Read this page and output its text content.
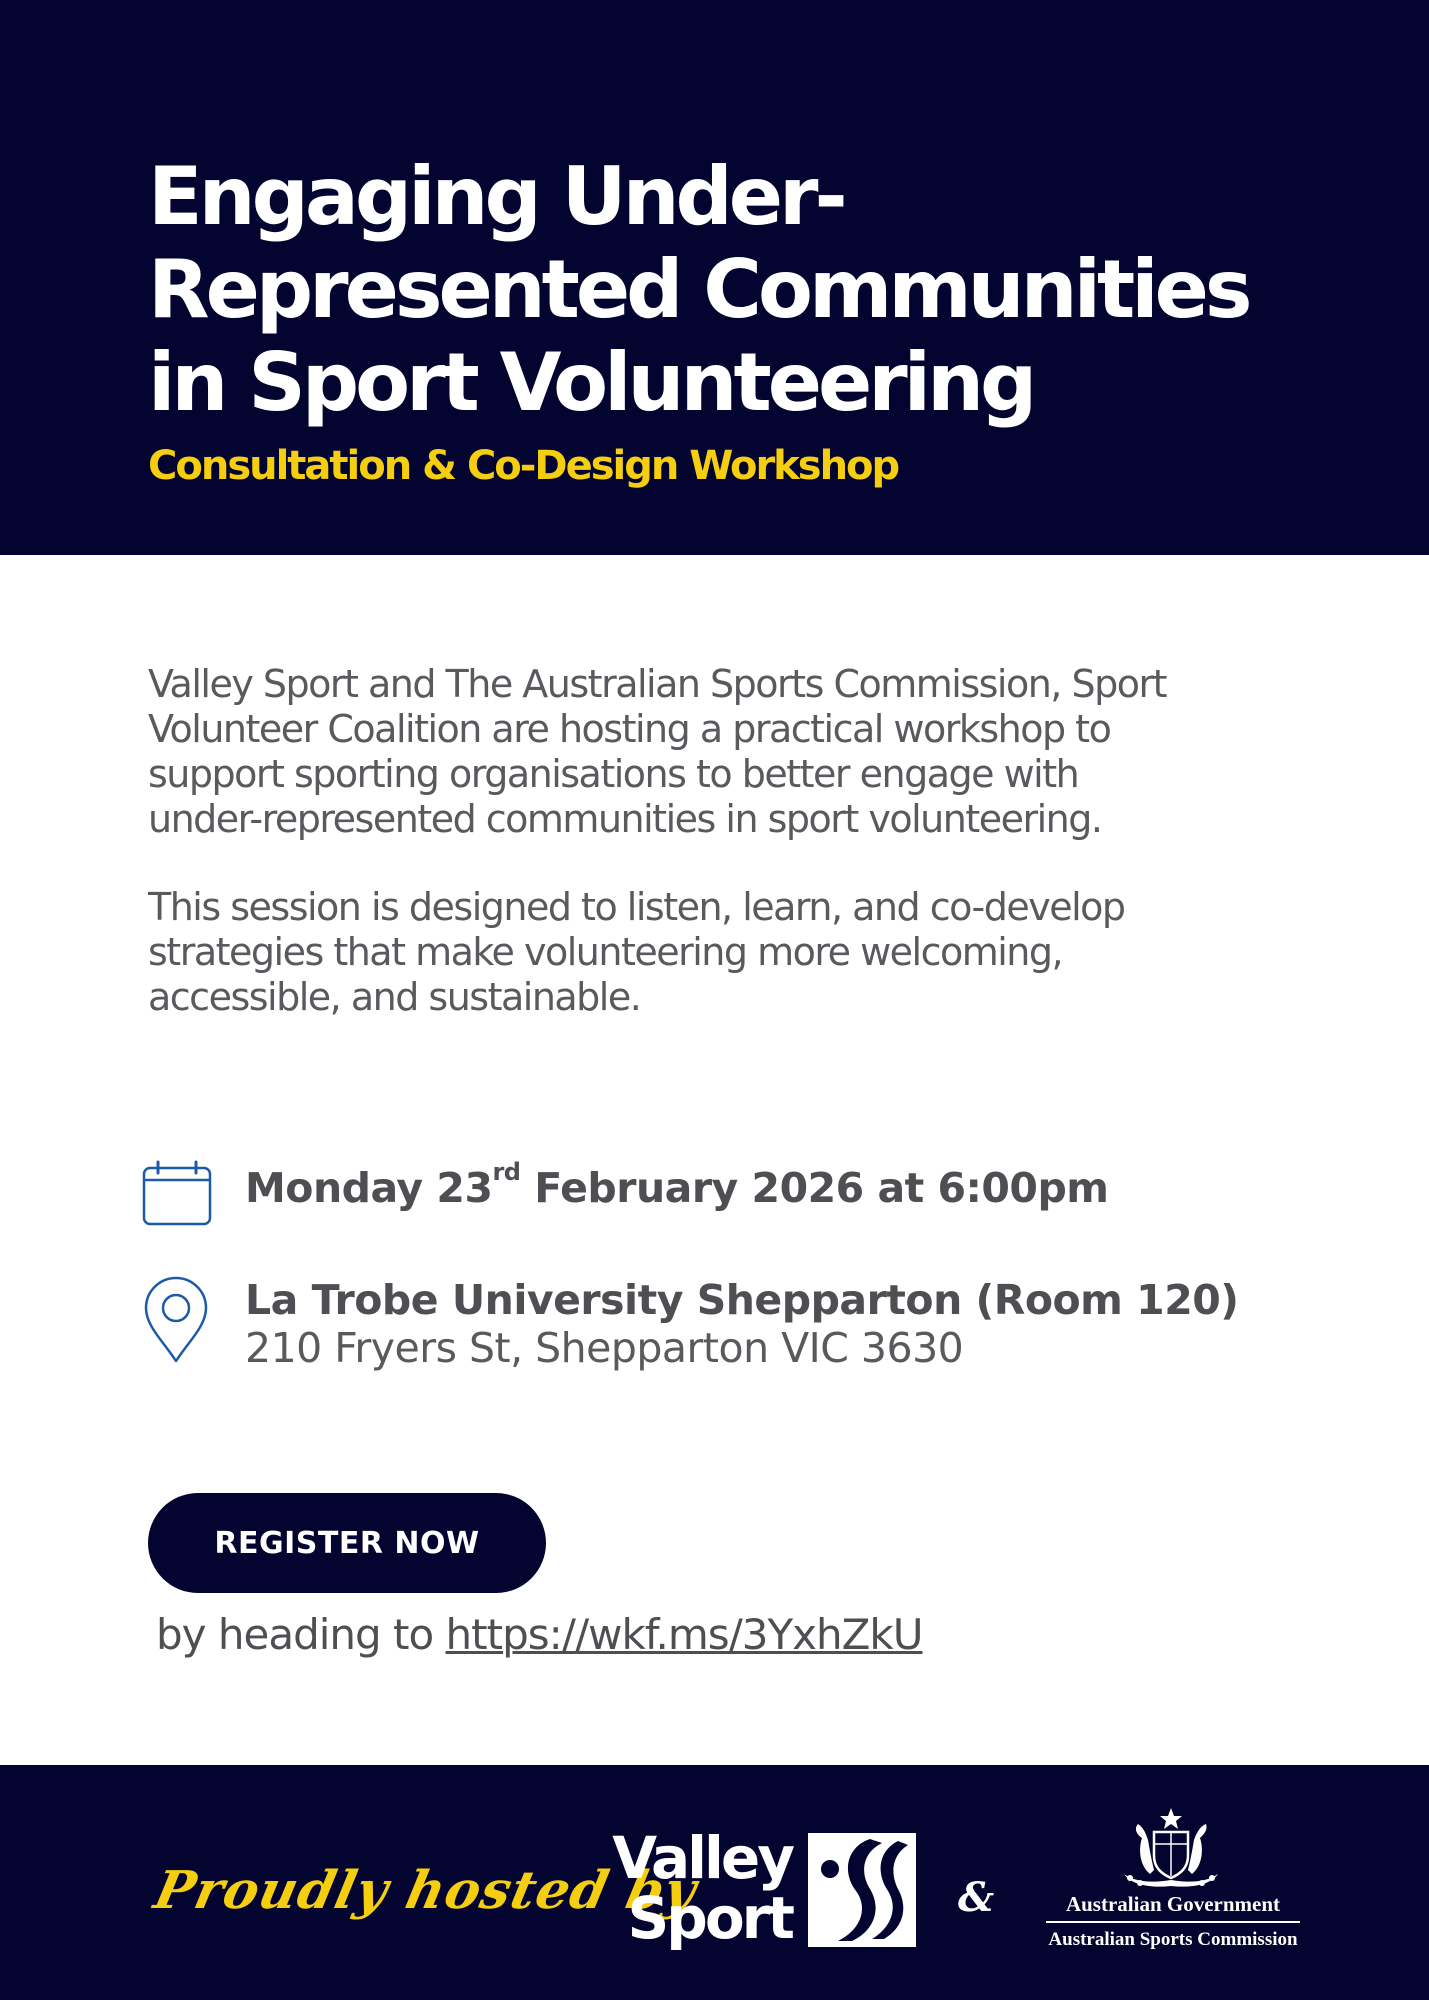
Engaging Under-
Represented Communities
in Sport Volunteering

Consultation & Co-Design Workshop

Valley Sport and The Australian Sports Commission, Sport
Volunteer Coalition are hosting a practical workshop to
support sporting organisations to better engage with
under-represented communities in sport volunteering.

This session is designed to listen, learn, and co-develop
strategies that make volunteering more welcoming,
accessible, and sustainable.

Monday 23rd February 2026 at 6:00pm

La Trobe University Shepparton (Room 120)

210 Fryers St, Shepparton VIC 3630

REGISTER NOW

by heading to https://wkf.ms/3YxhZkU

Proudly hosted by

Valley
Sport	&	Australian Government

Australian Sports Commission
